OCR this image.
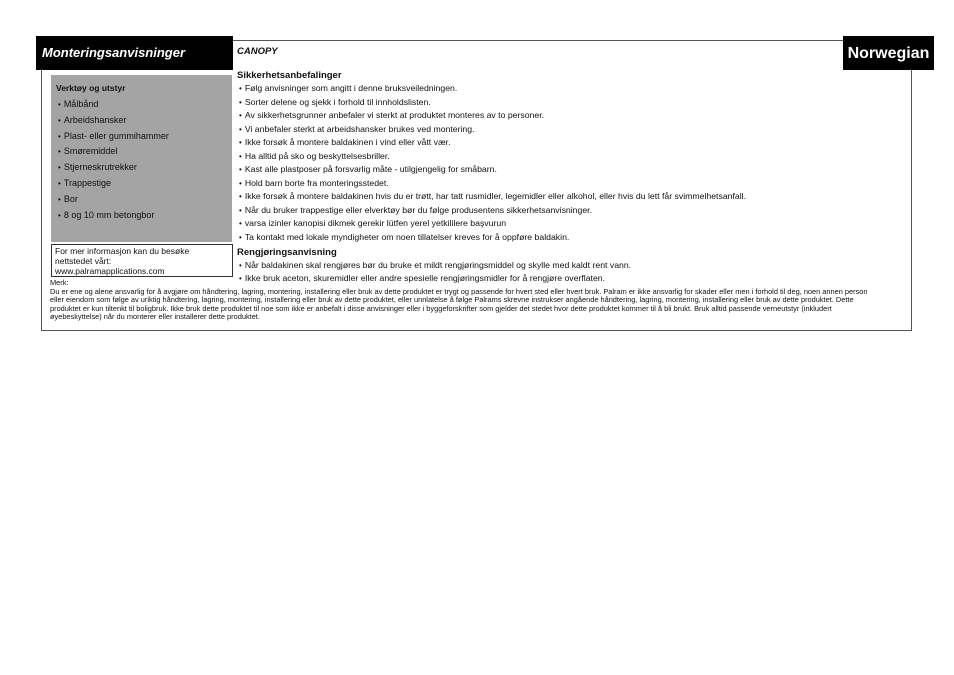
Monteringsanvisninger	Norwegian
Verktøy og utstyr
• Målbånd
• Arbeidshansker
• Plast- eller gummihammer
• Smøremiddel
• Stjerneskrutrekker
• Trappestige
• Bor
• 8 og 10 mm betongbor
For mer informasjon kan du besøke
nettstedet vårt:
www.palramapplications.com
CANOPY
Sikkerhetsanbefalinger
• Følg anvisninger som angitt i denne bruksveiledningen.
• Sorter delene og sjekk i forhold til innholdslisten.
• Av sikkerhetsgrunner anbefaler vi sterkt at produktet monteres av to personer.
• Vi anbefaler sterkt at arbeidshansker brukes ved montering.
• Ikke forsøk å montere baldakinen i vind eller vått vær.
• Ha alltid på sko og beskyttelsesbriller.
• Kast alle plastposer på forsvarlig måte - utilgjengelig for småbarn.
• Hold barn borte fra monteringsstedet.
• Ikke forsøk å montere baldakinen hvis du er trøtt, har tatt rusmidler, legemidler eller alkohol, eller hvis du lett får svimmelhetsanfall.
• Når du bruker trappestige eller elverktøy bør du følge produsentens sikkerhetsanvisninger.
• varsa izinler kanopisi dikmek gerekir lütfen yerel yetkililere başvurun
• Ta kontakt med lokale myndigheter om noen tillatelser kreves for å oppføre baldakin.
Rengjøringsanvisning
• Når baldakinen skal rengjøres bør du bruke et mildt rengjøringsmiddel og skylle med kaldt rent vann.
• Ikke bruk aceton, skuremidler eller andre spesielle rengjøringsmidler for å rengjøre overflaten.
Merk:
Du er ene og alene ansvarlig for å avgjøre om håndtering, lagring, montering, installering eller bruk av dette produktet er trygt og passende for hvert sted eller hvert bruk. Palram er ikke ansvarlig for skader eller men i forhold til deg, noen annen person eller eiendom som følge av uriktig håndtering, lagring, montering, installering eller bruk av dette produktet, eller unnlatelse å følge Palrams skrevne instrukser angående håndtering, lagring, montering, installering eller bruk av dette produktet. Dette produktet er kun tiltenkt til boligbruk. Ikke bruk dette produktet til noe som ikke er anbefalt i disse anvisninger eller i byggeforskrifter som gjelder det stedet hvor dette produktet kommer til å bli brukt. Bruk alltid passende verneutstyr (inkludert øyebeskyttelse) når du monterer eller installerer dette produktet.
